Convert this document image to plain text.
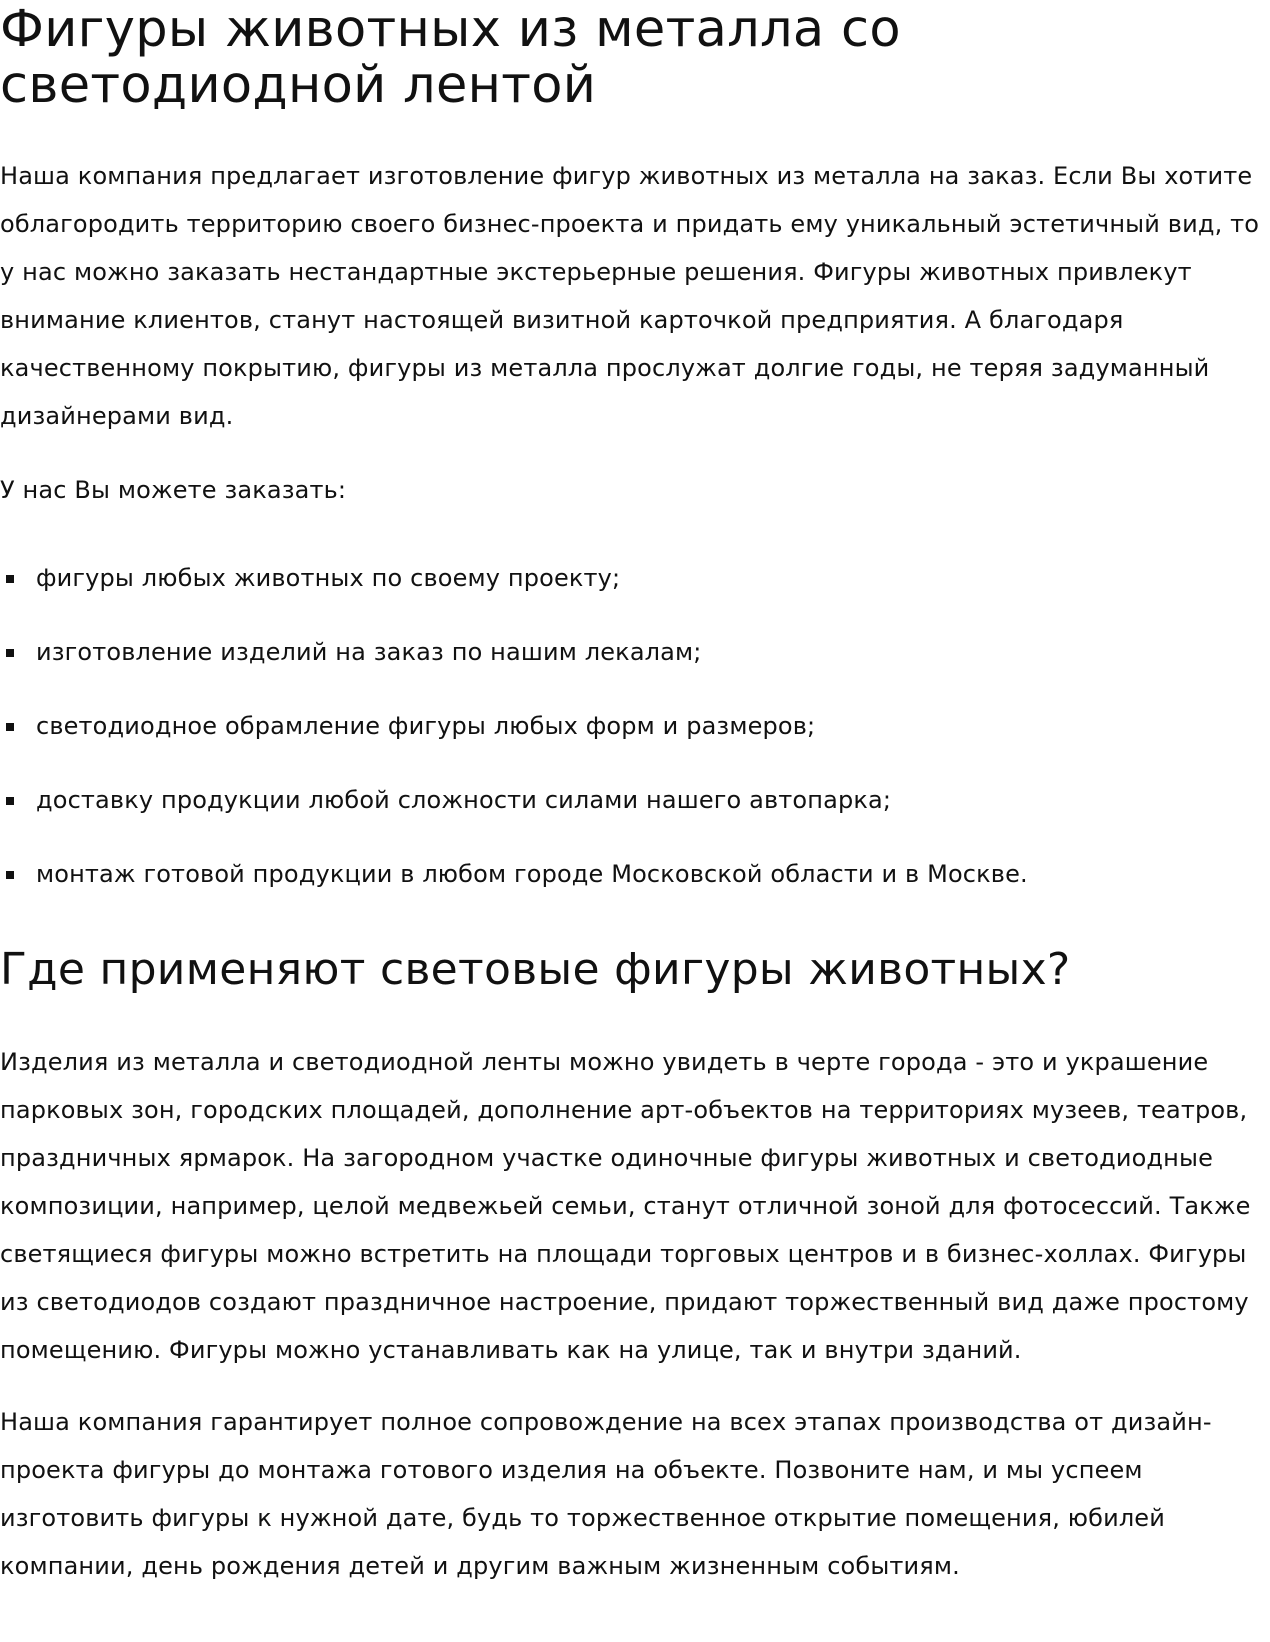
Фигуры животных из металла со светодиодной лентой

Наша компания предлагает изготовление фигур животных из металла на заказ. Если Вы хотите облагородить территорию своего бизнес-проекта и придать ему уникальный эстетичный вид, то у нас можно заказать нестандартные экстерьерные решения. Фигуры животных привлекут внимание клиентов, станут настоящей визитной карточкой предприятия. А благодаря качественному покрытию, фигуры из металла прослужат долгие годы, не теряя задуманный дизайнерами вид.

У нас Вы можете заказать:

фигуры любых животных по своему проекту;
изготовление изделий на заказ по нашим лекалам;
светодиодное обрамление фигуры любых форм и размеров;
доставку продукции любой сложности силами нашего автопарка;
монтаж готовой продукции в любом городе Московской области и в Москве.
Где применяют световые фигуры животных?

Изделия из металла и светодиодной ленты можно увидеть в черте города - это и украшение парковых зон, городских площадей, дополнение арт-объектов на территориях музеев, театров, праздничных ярмарок. На загородном участке одиночные фигуры животных и светодиодные композиции, например, целой медвежьей семьи, станут отличной зоной для фотосессий. Также светящиеся фигуры можно встретить на площади торговых центров и в бизнес-холлах. Фигуры из светодиодов создают праздничное настроение, придают торжественный вид даже простому помещению. Фигуры можно устанавливать как на улице, так и внутри зданий.

Наша компания гарантирует полное сопровождение на всех этапах производства от дизайн-проекта фигуры до монтажа готового изделия на объекте. Позвоните нам, и мы успеем изготовить фигуры к нужной дате, будь то торжественное открытие помещения, юбилей компании, день рождения детей и другим важным жизненным событиям.
